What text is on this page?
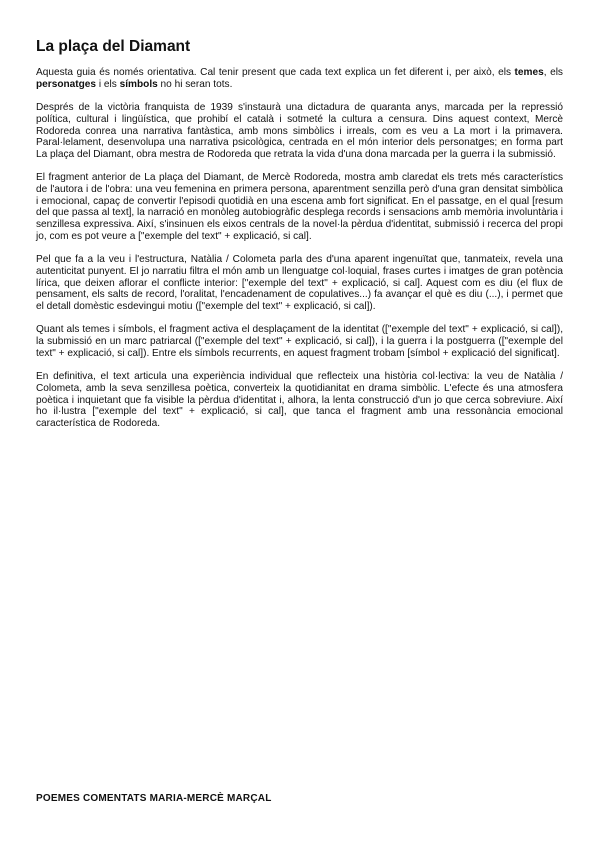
La plaça del Diamant

Aquesta guia és només orientativa. Cal tenir present que cada text explica un fet diferent i, per això, els temes, els personatges i els símbols no hi seran tots.

Després de la victòria franquista de 1939 s'instaurà una dictadura de quaranta anys, marcada per la repressió política, cultural i lingüística, que prohibí el català i sotmeté la cultura a censura. Dins aquest context, Mercè Rodoreda conrea una narrativa fantàstica, amb mons simbòlics i irreals, com es veu a La mort i la primavera. Paral·lelament, desenvolupa una narrativa psicològica, centrada en el món interior dels personatges; en forma part La plaça del Diamant, obra mestra de Rodoreda que retrata la vida d'una dona marcada per la guerra i la submissió.

El fragment anterior de La plaça del Diamant, de Mercè Rodoreda, mostra amb claredat els trets més característics de l'autora i de l'obra: una veu femenina en primera persona, aparentment senzilla però d'una gran densitat simbòlica i emocional, capaç de convertir l'episodi quotidià en una escena amb fort significat. En el passatge, en el qual [resum del que passa al text], la narració en monòleg autobiogràfic desplega records i sensacions amb memòria involuntària i senzillesa expressiva. Així, s'insinuen els eixos centrals de la novel·la pèrdua d'identitat, submissió i recerca del propi jo, com es pot veure a ["exemple del text" + explicació, si cal].

Pel que fa a la veu i l'estructura, Natàlia / Colometa parla des d'una aparent ingenuïtat que, tanmateix, revela una autenticitat punyent. El jo narratiu filtra el món amb un llenguatge col·loquial, frases curtes i imatges de gran potència lírica, que deixen aflorar el conflicte interior: ["exemple del text" + explicació, si cal]. Aquest com es diu (el flux de pensament, els salts de record, l'oralitat, l'encadenament de copulatives...) fa avançar el què es diu (...), i permet que el detall domèstic esdevingui motiu (["exemple del text" + explicació, si cal]).

Quant als temes i símbols, el fragment activa el desplaçament de la identitat (["exemple del text" + explicació, si cal]), la submissió en un marc patriarcal (["exemple del text" + explicació, si cal]), i la guerra i la postguerra (["exemple del text" + explicació, si cal]). Entre els símbols recurrents, en aquest fragment trobam [símbol + explicació del significat].

En definitiva, el text articula una experiència individual que reflecteix una història col·lectiva: la veu de Natàlia / Colometa, amb la seva senzillesa poètica, converteix la quotidianitat en drama simbòlic. L'efecte és una atmosfera poètica i inquietant que fa visible la pèrdua d'identitat i, alhora, la lenta construcció d'un jo que cerca sobreviure. Així ho il·lustra ["exemple del text" + explicació, si cal], que tanca el fragment amb una ressonància emocional característica de Rodoreda.

POEMES COMENTATS MARIA-MERCÈ MARÇAL
